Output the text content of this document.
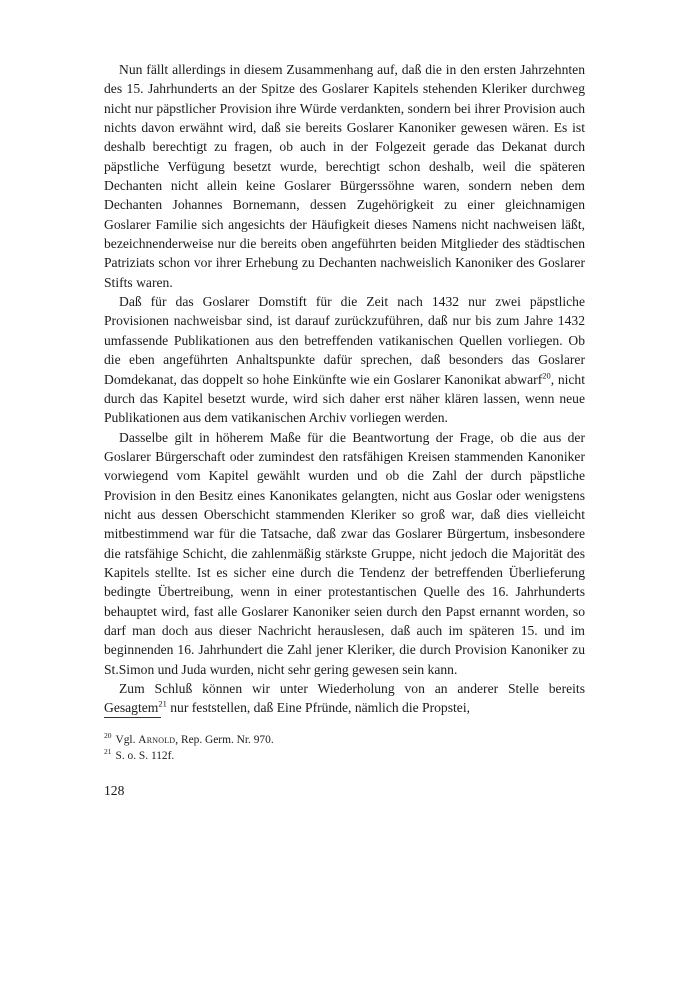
Nun fällt allerdings in diesem Zusammenhang auf, daß die in den ersten Jahrzehnten des 15. Jahrhunderts an der Spitze des Goslarer Kapitels stehenden Kleriker durchweg nicht nur päpstlicher Provision ihre Würde verdankten, sondern bei ihrer Provision auch nichts davon erwähnt wird, daß sie bereits Goslarer Kanoniker gewesen wären. Es ist deshalb berechtigt zu fragen, ob auch in der Folgezeit gerade das Dekanat durch päpstliche Verfügung besetzt wurde, berechtigt schon deshalb, weil die späteren Dechanten nicht allein keine Goslarer Bürgerssöhne waren, sondern neben dem Dechanten Johannes Bornemann, dessen Zugehörigkeit zu einer gleichnamigen Goslarer Familie sich angesichts der Häufigkeit dieses Namens nicht nachweisen läßt, bezeichnenderweise nur die bereits oben angeführten beiden Mitglieder des städtischen Patriziats schon vor ihrer Erhebung zu Dechanten nachweislich Kanoniker des Goslarer Stifts waren.

Daß für das Goslarer Domstift für die Zeit nach 1432 nur zwei päpstliche Provisionen nachweisbar sind, ist darauf zurückzuführen, daß nur bis zum Jahre 1432 umfassende Publikationen aus den betreffenden vatikanischen Quellen vorliegen. Ob die eben angeführten Anhaltspunkte dafür sprechen, daß besonders das Goslarer Domdekanat, das doppelt so hohe Einkünfte wie ein Goslarer Kanonikat abwarf$^{20}$, nicht durch das Kapitel besetzt wurde, wird sich daher erst näher klären lassen, wenn neue Publikationen aus dem vatikanischen Archiv vorliegen werden.

Dasselbe gilt in höherem Maße für die Beantwortung der Frage, ob die aus der Goslarer Bürgerschaft oder zumindest den ratsfähigen Kreisen stammenden Kanoniker vorwiegend vom Kapitel gewählt wurden und ob die Zahl der durch päpstliche Provision in den Besitz eines Kanonikates gelangten, nicht aus Goslar oder wenigstens nicht aus dessen Oberschicht stammenden Kleriker so groß war, daß dies vielleicht mitbestimmend war für die Tatsache, daß zwar das Goslarer Bürgertum, insbesondere die ratsfähige Schicht, die zahlenmäßig stärkste Gruppe, nicht jedoch die Majorität des Kapitels stellte. Ist es sicher eine durch die Tendenz der betreffenden Überlieferung bedingte Übertreibung, wenn in einer protestantischen Quelle des 16. Jahrhunderts behauptet wird, fast alle Goslarer Kanoniker seien durch den Papst ernannt worden, so darf man doch aus dieser Nachricht herauslesen, daß auch im späteren 15. und im beginnenden 16. Jahrhundert die Zahl jener Kleriker, die durch Provision Kanoniker zu St.Simon und Juda wurden, nicht sehr gering gewesen sein kann.

Zum Schluß können wir unter Wiederholung von an anderer Stelle bereits Gesagtem$^{21}$ nur feststellen, daß Eine Pfründe, nämlich die Propstei,

$^{20}$ Vgl. Arnold, Rep. Germ. Nr. 970.

$^{21}$ S. o. S. 112f.

128
